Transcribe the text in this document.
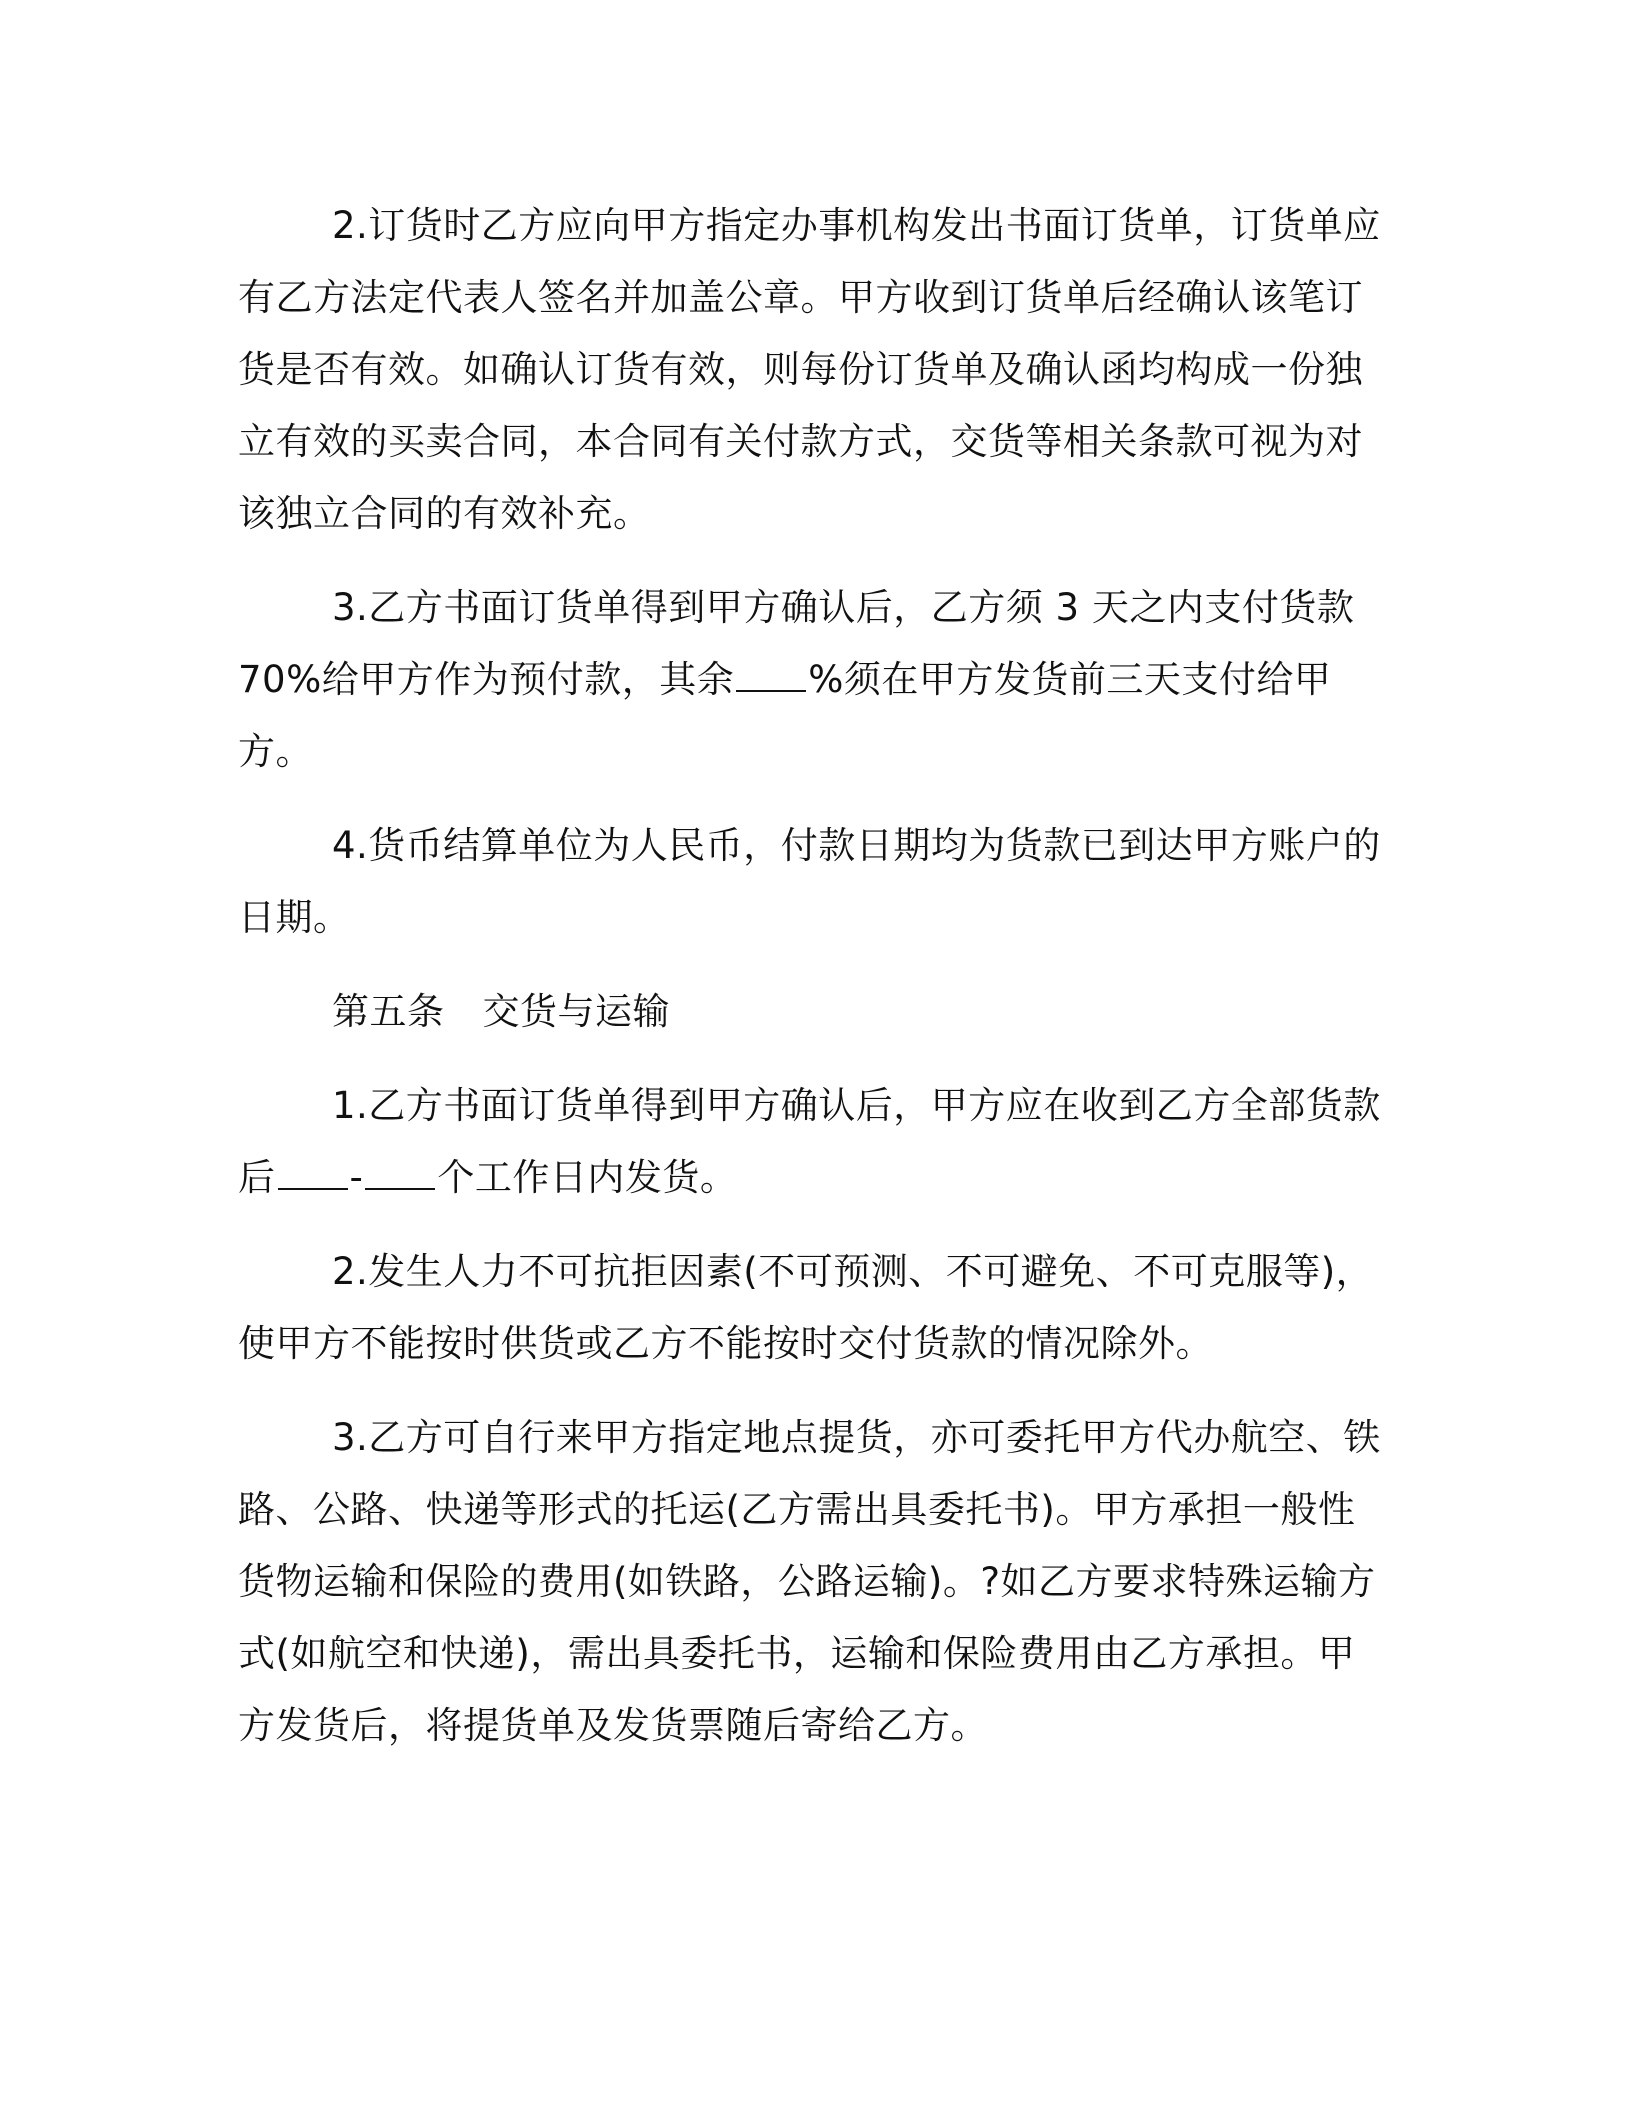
2.订货时乙方应向甲方指定办事机构发出书面订货单，订货单应有乙方法定代表人签名并加盖公章。甲方收到订货单后经确认该笔订货是否有效。如确认订货有效，则每份订货单及确认函均构成一份独立有效的买卖合同，本合同有关付款方式，交货等相关条款可视为对该独立合同的有效补充。

3.乙方书面订货单得到甲方确认后，乙方须 3 天之内支付货款 70%给甲方作为预付款，其余 %须在甲方发货前三天支付给甲方。

4.货币结算单位为人民币，付款日期均为货款已到达甲方账户的日期。

第五条 交货与运输

1.乙方书面订货单得到甲方确认后，甲方应在收到乙方全部货款后 - 个工作日内发货。

2.发生人力不可抗拒因素(不可预测、不可避免、不可克服等)，使甲方不能按时供货或乙方不能按时交付货款的情况除外。

3.乙方可自行来甲方指定地点提货，亦可委托甲方代办航空、铁路、公路、快递等形式的托运(乙方需出具委托书)。甲方承担一般性货物运输和保险的费用(如铁路，公路运输)。?如乙方要求特殊运输方式(如航空和快递)，需出具委托书，运输和保险费用由乙方承担。甲方发货后，将提货单及发货票随后寄给乙方。
